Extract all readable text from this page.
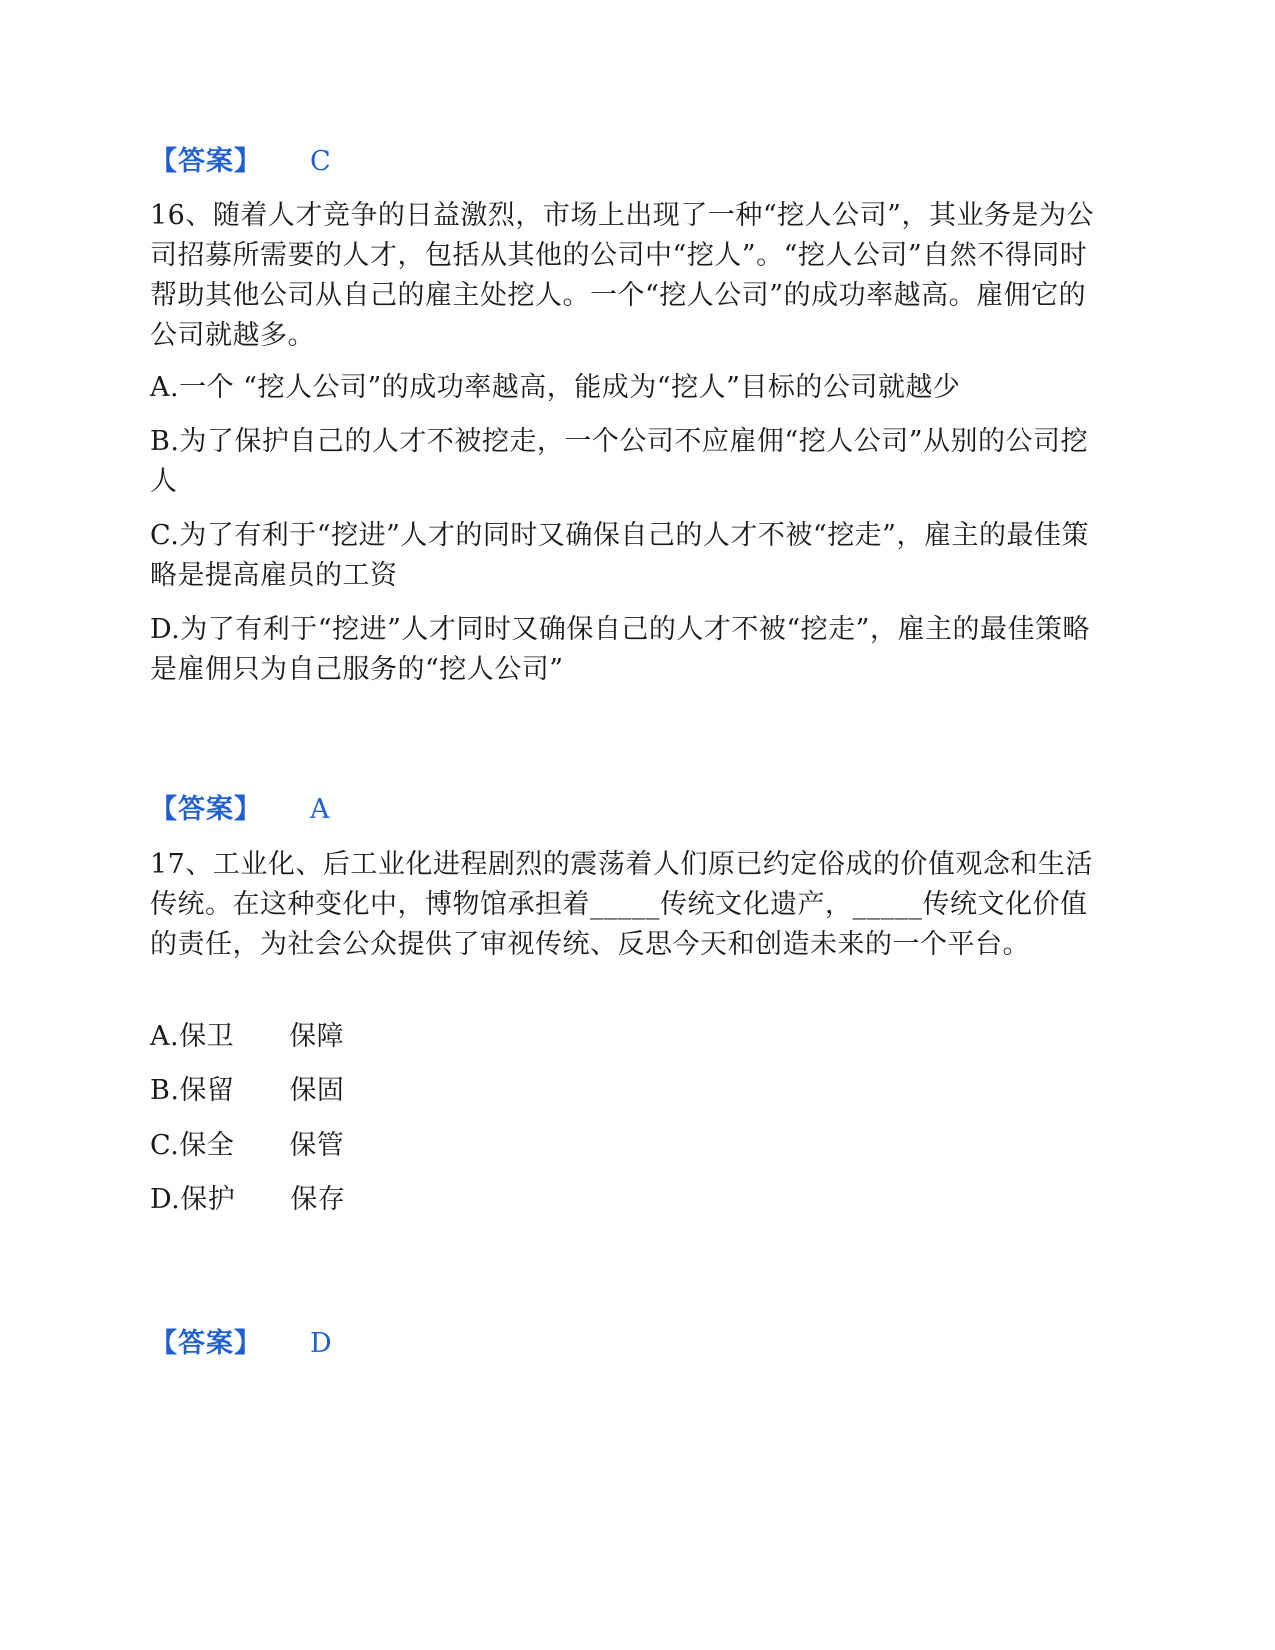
【答案】 C
16、随着人才竞争的日益激烈，市场上出现了一种“挖人公司”，其业务是为公司招募所需要的人才，包括从其他的公司中“挖人”。“挖人公司”自然不得同时帮助其他公司从自己的雇主处挖人。一个“挖人公司”的成功率越高。雇佣它的公司就越多。
A.一个 “挖人公司”的成功率越高，能成为“挖人”目标的公司就越少
B.为了保护自己的人才不被挖走，一个公司不应雇佣“挖人公司”从别的公司挖人
C.为了有利于“挖进”人才的同时又确保自己的人才不被“挖走”，雇主的最佳策略是提高雇员的工资
D.为了有利于“挖进”人才同时又确保自己的人才不被“挖走”，雇主的最佳策略是雇佣只为自己服务的“挖人公司”
【答案】 A
17、工业化、后工业化进程剧烈的震荡着人们原已约定俗成的价值观念和生活传统。在这种变化中，博物馆承担着_____传统文化遗产，_____传统文化价值的责任，为社会公众提供了审视传统、反思今天和创造未来的一个平台。
A.保卫　　保障
B.保留　　保固
C.保全　　保管
D.保护　　保存
【答案】 D
